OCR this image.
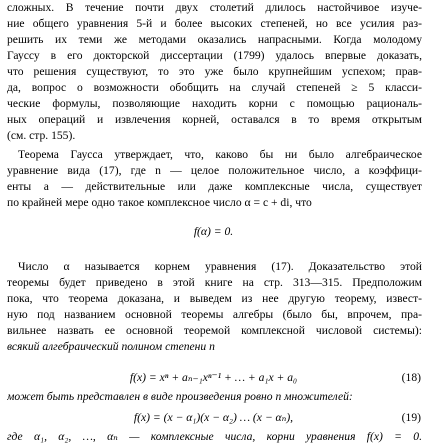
сложных. В течение почти двух столетий длилось настойчивое изуче-
ние общего уравнения 5-й и более высоких степеней, но все усилия раз-
решить их теми же методами оказались напрасными. Когда молодому
Гауссу в его докторской диссертации (1799) удалось впервые доказать,
что решения существуют, то это уже было крупнейшим успехом; прав-
да, вопрос о возможности обобщить на случай степеней ≥ 5 класси-
ческие формулы, позволяющие находить корни с помощью рациональ-
ных операций и извлечения корней, оставался в то время открытым
(см. стр. 155).
Теорема Гаусса утверждает, что, каково бы ни было алгебраическое
уравнение вида (17), где n — целое положительное число, а коэффици-
енты a — действительные или даже комплексные числа, существует
по крайней мере одно такое комплексное число α = c + di, что
f(α) = 0.
Число α называется корнем уравнения (17). Доказательство этой
теоремы будет приведено в этой книге на стр. 313—315. Предположим
пока, что теорема доказана, и выведем из нее другую теорему, извест-
ную под названием основной теоремы алгебры (было бы, впрочем, пра-
вильнее назвать ее основной теоремой комплексной числовой системы):
всякий алгебраический полином степени n
f(x) = xⁿ + aₙ₋₁xⁿ⁻¹ + … + a₁x + a₀	(18)
может быть представлен в виде произведения ровно n множителей:
f(x) = (x − α₁)(x − α₂) … (x − αₙ),	(19)
где α₁, α₂, …, αₙ — комплексные числа, корни уравнения f(x) = 0.
